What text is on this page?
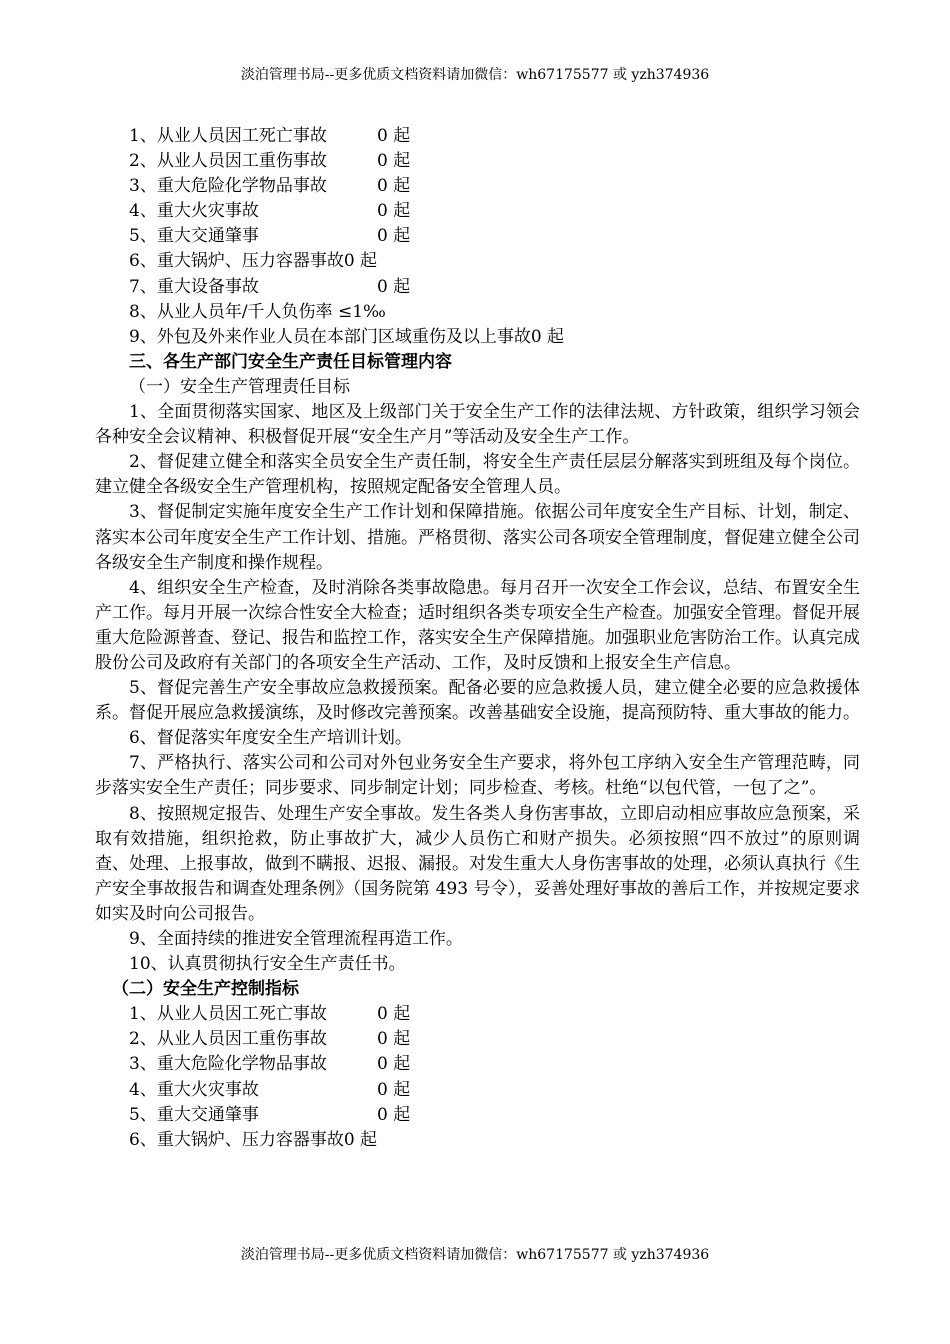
淡泊管理书局--更多优质文档资料请加微信：wh67175577 或 yzh374936
1、从业人员因工死亡事故	0 起
2、从业人员因工重伤事故	0 起
3、重大危险化学物品事故	0 起
4、重大火灾事故	0 起
5、重大交通肇事	0 起
6、重大锅炉、压力容器事故0 起
7、重大设备事故	0 起
8、从业人员年/千人负伤率 ≤1‰
9、外包及外来作业人员在本部门区域重伤及以上事故0 起
三、各生产部门安全生产责任目标管理内容
（一）安全生产管理责任目标

1、全面贯彻落实国家、地区及上级部门关于安全生产工作的法律法规、方针政策，组织学习领会各种安全会议精神、积极督促开展“安全生产月”等活动及安全生产工作。

2、督促建立健全和落实全员安全生产责任制，将安全生产责任层层分解落实到班组及每个岗位。建立健全各级安全生产管理机构，按照规定配备安全管理人员。

3、督促制定实施年度安全生产工作计划和保障措施。依据公司年度安全生产目标、计划，制定、落实本公司年度安全生产工作计划、措施。严格贯彻、落实公司各项安全管理制度，督促建立健全公司各级安全生产制度和操作规程。

4、组织安全生产检查，及时消除各类事故隐患。每月召开一次安全工作会议，总结、布置安全生产工作。每月开展一次综合性安全大检查；适时组织各类专项安全生产检查。加强安全管理。督促开展重大危险源普查、登记、报告和监控工作，落实安全生产保障措施。加强职业危害防治工作。认真完成股份公司及政府有关部门的各项安全生产活动、工作，及时反馈和上报安全生产信息。

5、督促完善生产安全事故应急救援预案。配备必要的应急救援人员，建立健全必要的应急救援体系。督促开展应急救援演练，及时修改完善预案。改善基础安全设施，提高预防特、重大事故的能力。

6、督促落实年度安全生产培训计划。

7、严格执行、落实公司和公司对外包业务安全生产要求，将外包工序纳入安全生产管理范畴，同步落实安全生产责任；同步要求、同步制定计划；同步检查、考核。杜绝“以包代管，一包了之”。

8、按照规定报告、处理生产安全事故。发生各类人身伤害事故，立即启动相应事故应急预案，采取有效措施，组织抢救，防止事故扩大，减少人员伤亡和财产损失。必须按照“四不放过”的原则调查、处理、上报事故，做到不瞒报、迟报、漏报。对发生重大人身伤害事故的处理，必须认真执行《生产安全事故报告和调查处理条例》（国务院第 493 号令），妥善处理好事故的善后工作，并按规定要求如实及时向公司报告。

9、全面持续的推进安全管理流程再造工作。

10、认真贯彻执行安全生产责任书。

（二）安全生产控制指标
1、从业人员因工死亡事故	0 起
2、从业人员因工重伤事故	0 起
3、重大危险化学物品事故	0 起
4、重大火灾事故	0 起
5、重大交通肇事	0 起
6、重大锅炉、压力容器事故0 起
淡泊管理书局--更多优质文档资料请加微信：wh67175577 或 yzh374936
